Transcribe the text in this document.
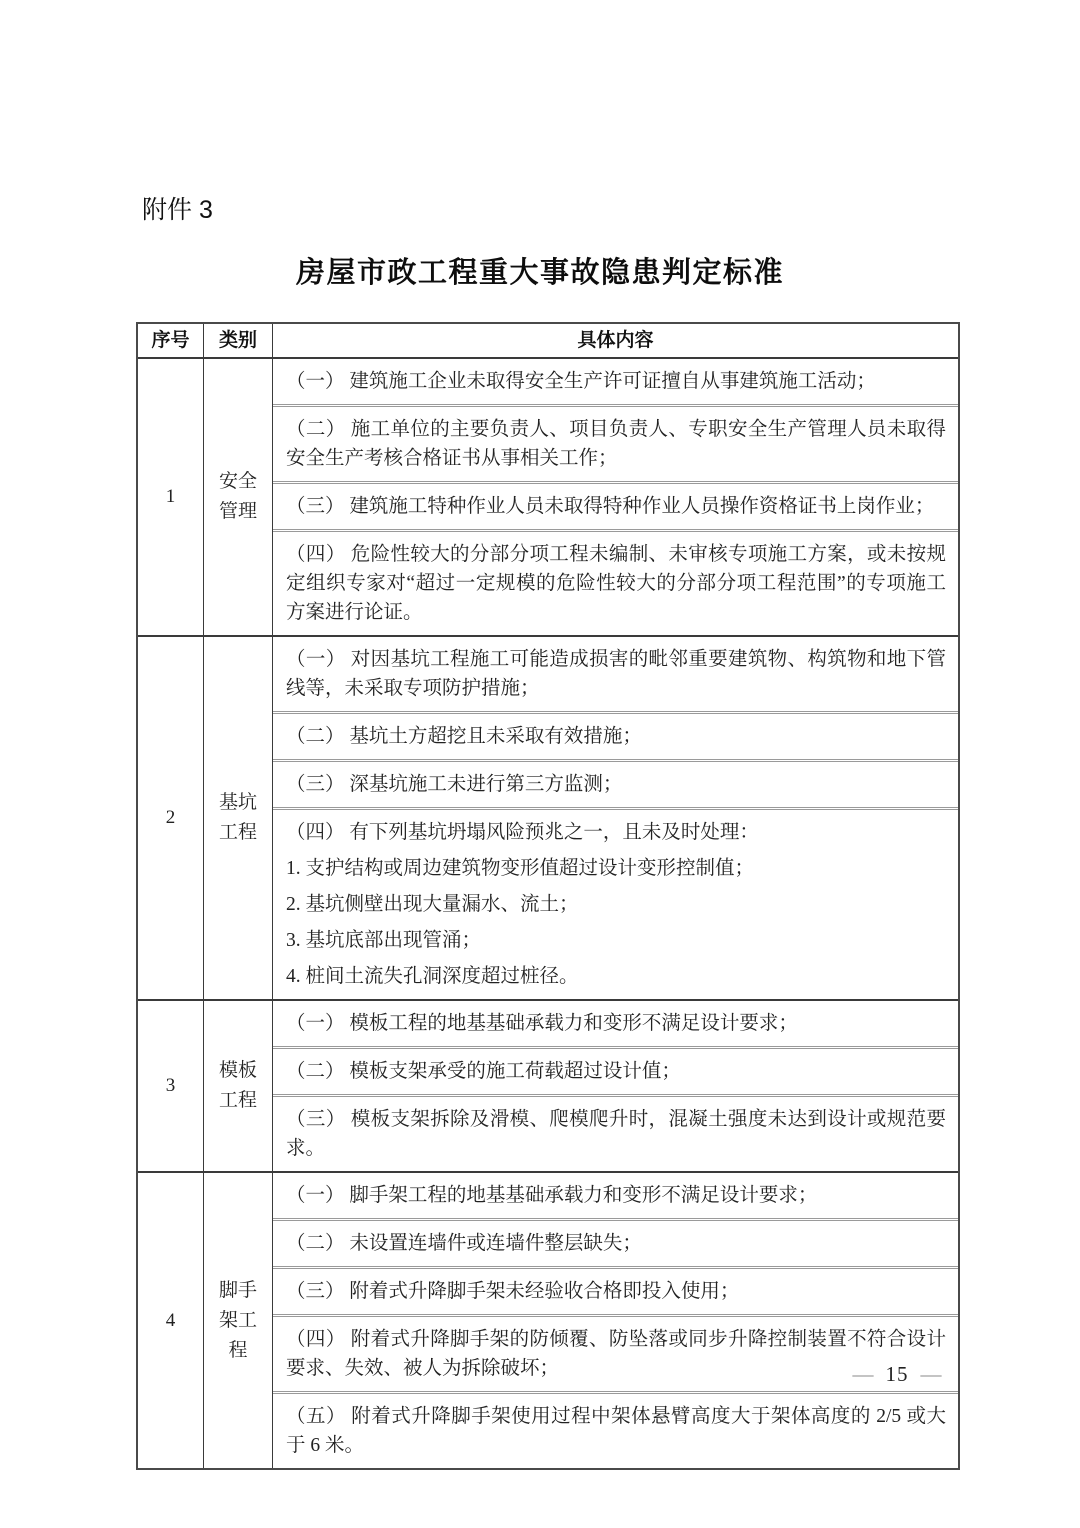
附件 3
房屋市政工程重大事故隐患判定标准
序号	类别	具体内容
1
安全管理

（一） 建筑施工企业未取得安全生产许可证擅自从事建筑施工活动；

（二） 施工单位的主要负责人、项目负责人、专职安全生产管理人员未取得安全生产考核合格证书从事相关工作；

（三） 建筑施工特种作业人员未取得特种作业人员操作资格证书上岗作业；

（四） 危险性较大的分部分项工程未编制、未审核专项施工方案，或未按规定组织专家对“超过一定规模的危险性较大的分部分项工程范围”的专项施工方案进行论证。

2
基坑工程

（一） 对因基坑工程施工可能造成损害的毗邻重要建筑物、构筑物和地下管线等，未采取专项防护措施；

（二） 基坑土方超挖且未采取有效措施；

（三） 深基坑施工未进行第三方监测；

（四） 有下列基坑坍塌风险预兆之一，且未及时处理：

1. 支护结构或周边建筑物变形值超过设计变形控制值；

2. 基坑侧壁出现大量漏水、流土；

3. 基坑底部出现管涌；

4. 桩间土流失孔洞深度超过桩径。

3
模板工程

（一） 模板工程的地基基础承载力和变形不满足设计要求；

（二） 模板支架承受的施工荷载超过设计值；

（三） 模板支架拆除及滑模、爬模爬升时，混凝土强度未达到设计或规范要求。

4
脚手架工程

（一） 脚手架工程的地基基础承载力和变形不满足设计要求；

（二） 未设置连墙件或连墙件整层缺失；

（三） 附着式升降脚手架未经验收合格即投入使用；

（四） 附着式升降脚手架的防倾覆、防坠落或同步升降控制装置不符合设计要求、失效、被人为拆除破坏；

（五） 附着式升降脚手架使用过程中架体悬臂高度大于架体高度的 2/5 或大于 6 米。

— 15 —
